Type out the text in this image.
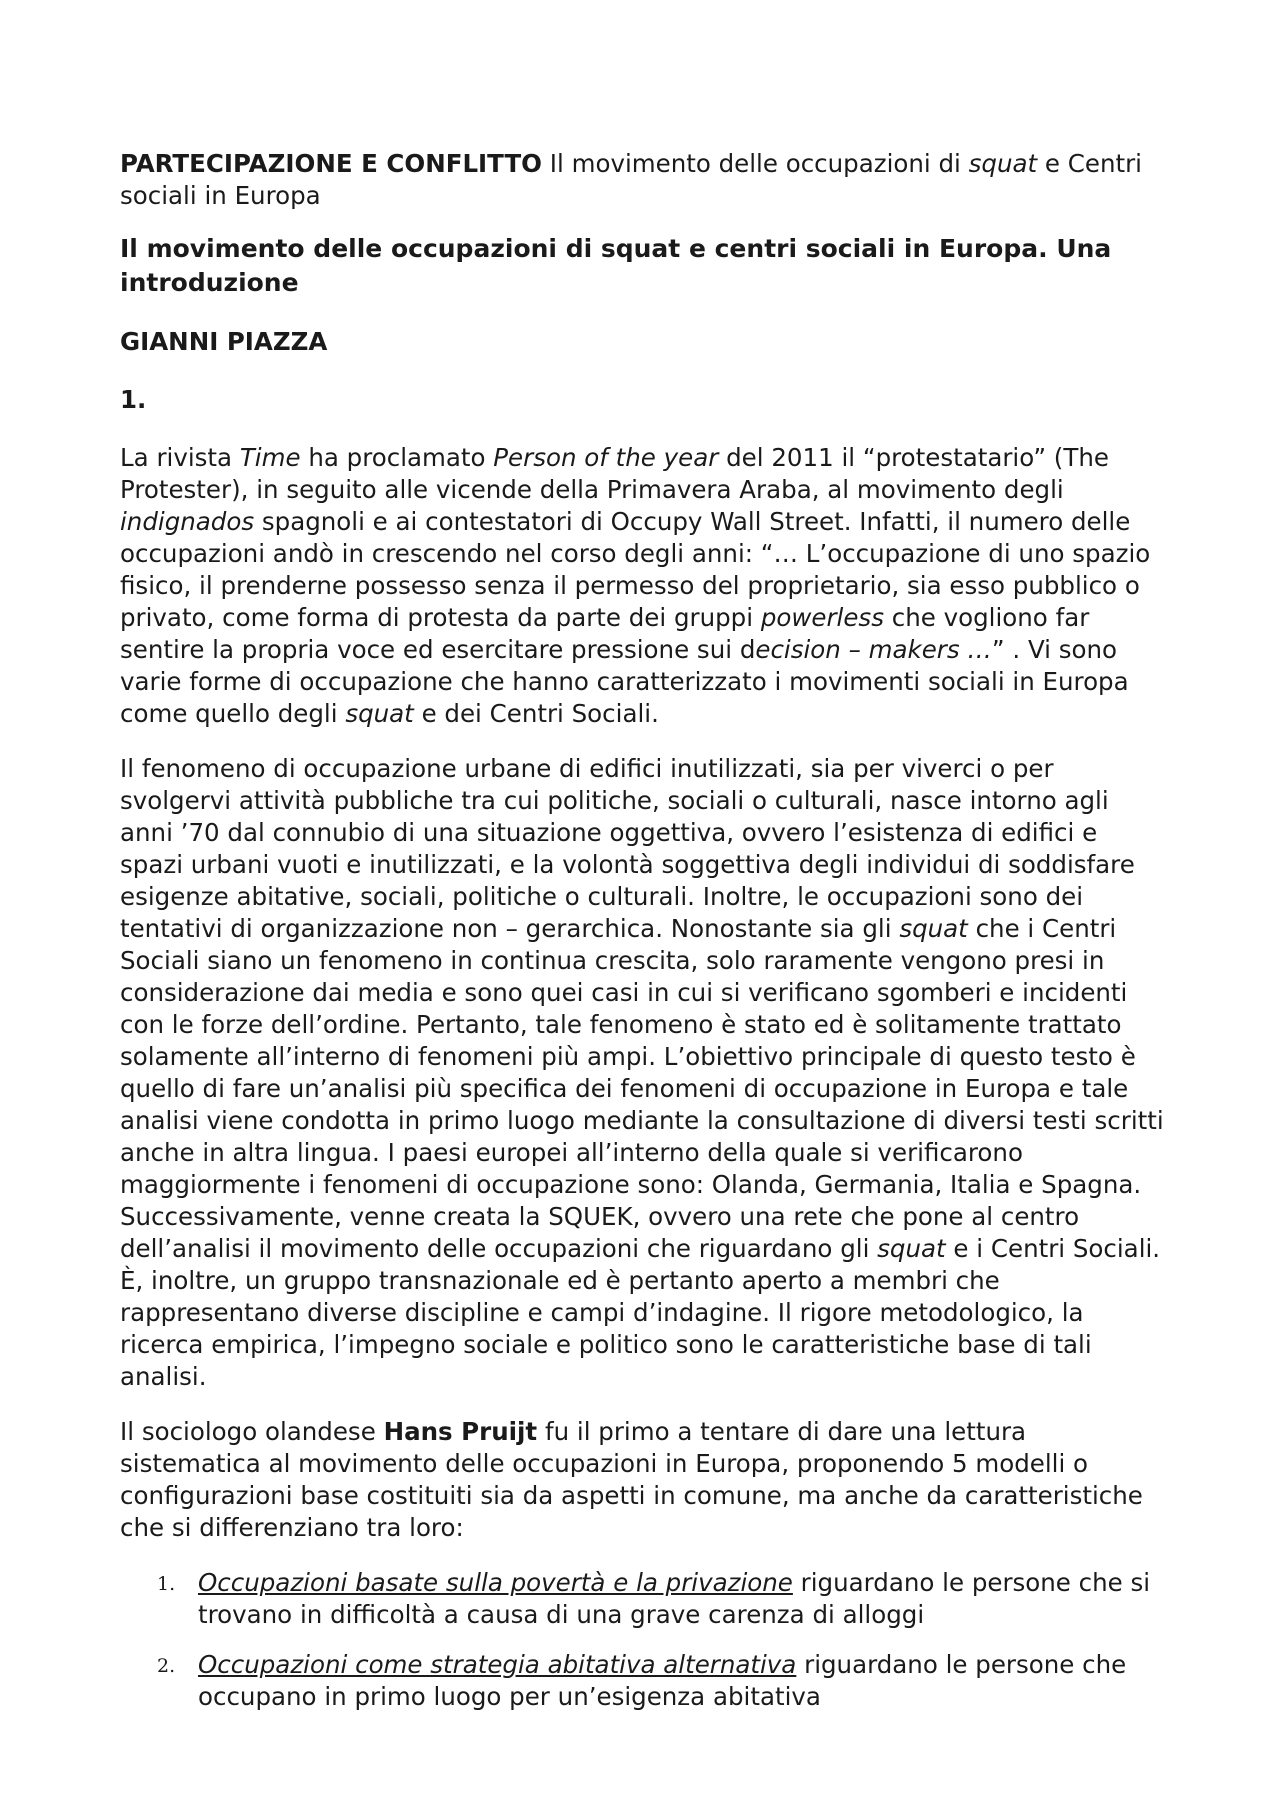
PARTECIPAZIONE E CONFLITTO Il movimento delle occupazioni di squat e Centri sociali in Europa

Il movimento delle occupazioni di squat e centri sociali in Europa. Una introduzione

GIANNI PIAZZA

1.

La rivista Time ha proclamato Person of the year del 2011 il “protestatario” (The Protester), in seguito alle vicende della Primavera Araba, al movimento degli indignados spagnoli e ai contestatori di Occupy Wall Street. Infatti, il numero delle occupazioni andò in crescendo nel corso degli anni: “… L’occupazione di uno spazio fisico, il prenderne possesso senza il permesso del proprietario, sia esso pubblico o privato, come forma di protesta da parte dei gruppi powerless che vogliono far sentire la propria voce ed esercitare pressione sui decision – makers …” . Vi sono varie forme di occupazione che hanno caratterizzato i movimenti sociali in Europa come quello degli squat e dei Centri Sociali.

Il fenomeno di occupazione urbane di edifici inutilizzati, sia per viverci o per svolgervi attività pubbliche tra cui politiche, sociali o culturali, nasce intorno agli anni ’70 dal connubio di una situazione oggettiva, ovvero l’esistenza di edifici e spazi urbani vuoti e inutilizzati, e la volontà soggettiva degli individui di soddisfare esigenze abitative, sociali, politiche o culturali. Inoltre, le occupazioni sono dei tentativi di organizzazione non – gerarchica. Nonostante sia gli squat che i Centri Sociali siano un fenomeno in continua crescita, solo raramente vengono presi in considerazione dai media e sono quei casi in cui si verificano sgomberi e incidenti con le forze dell’ordine. Pertanto, tale fenomeno è stato ed è solitamente trattato solamente all’interno di fenomeni più ampi. L’obiettivo principale di questo testo è quello di fare un’analisi più specifica dei fenomeni di occupazione in Europa e tale analisi viene condotta in primo luogo mediante la consultazione di diversi testi scritti anche in altra lingua. I paesi europei all’interno della quale si verificarono maggiormente i fenomeni di occupazione sono: Olanda, Germania, Italia e Spagna. Successivamente, venne creata la SQUEK, ovvero una rete che pone al centro dell’analisi il movimento delle occupazioni che riguardano gli squat e i Centri Sociali. È, inoltre, un gruppo transnazionale ed è pertanto aperto a membri che rappresentano diverse discipline e campi d’indagine. Il rigore metodologico, la ricerca empirica, l’impegno sociale e politico sono le caratteristiche base di tali analisi.

Il sociologo olandese Hans Pruijt fu il primo a tentare di dare una lettura sistematica al movimento delle occupazioni in Europa, proponendo 5 modelli o configurazioni base costituiti sia da aspetti in comune, ma anche da caratteristiche che si differenziano tra loro:

1. Occupazioni basate sulla povertà e la privazione riguardano le persone che si trovano in difficoltà a causa di una grave carenza di alloggi
2. Occupazioni come strategia abitativa alternativa riguardano le persone che occupano in primo luogo per un’esigenza abitativa
